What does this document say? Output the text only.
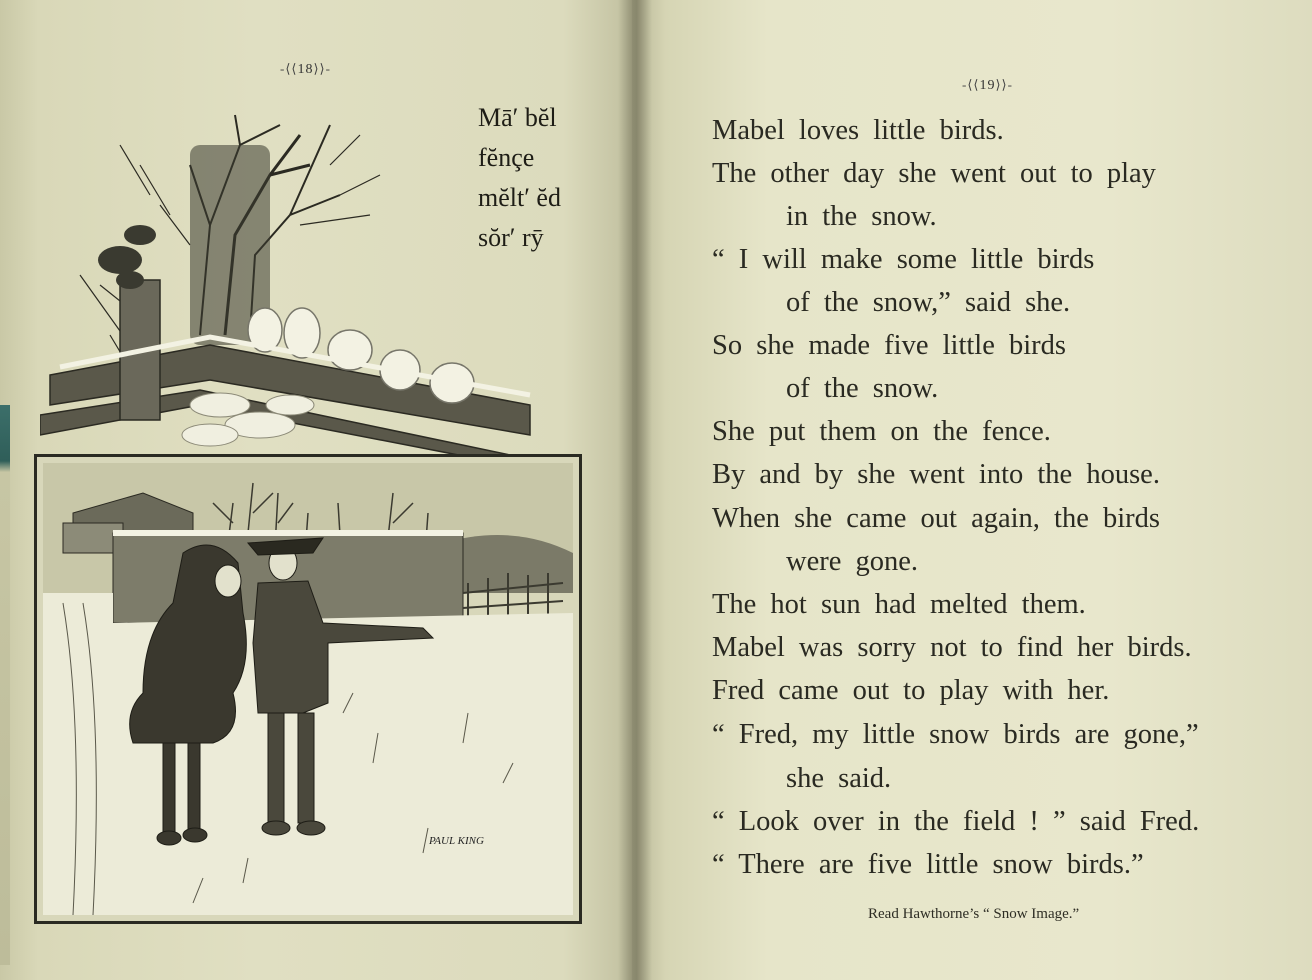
-⟨⟨18⟩⟩-
PAUL KING
Mā′ bĕl
fĕnçe
mĕlt′ ĕd
sŏr′ rȳ
-⟨⟨19⟩⟩-
Mabel loves little birds.
The other day she went out to play
in the snow.
“ I will make some little birds
of the snow,” said she.
So she made five little birds
of the snow.
She put them on the fence.
By and by she went into the house.
When she came out again, the birds
were gone.
The hot sun had melted them.
Mabel was sorry not to find her birds.
Fred came out to play with her.
“ Fred, my little snow birds are gone,”
she said.
“ Look over in the field ! ” said Fred.
“ There are five little snow birds.”
Read Hawthorne’s “ Snow Image.”
